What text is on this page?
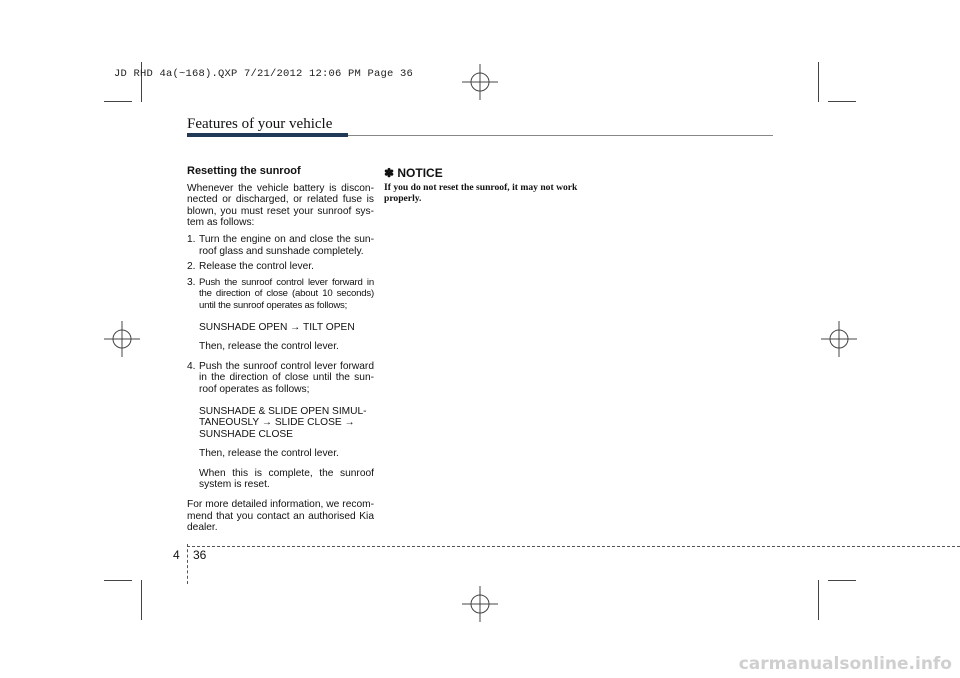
JD RHD 4a(~168).QXP 7/21/2012 12:06 PM Page 36
Features of your vehicle
Resetting the sunroof
Whenever the vehicle battery is discon-nected or discharged, or related fuse is blown, you must reset your sunroof sys-tem as follows:
1. Turn the engine on and close the sun-roof glass and sunshade completely.
2. Release the control lever.
3. Push the sunroof control lever forward in the direction of close (about 10 seconds) until the sunroof operates as follows;
SUNSHADE OPEN → TILT OPEN
Then, release the control lever.
4. Push the sunroof control lever forward in the direction of close until the sun-roof operates as follows;
SUNSHADE & SLIDE OPEN SIMUL-TANEOUSLY → SLIDE CLOSE → SUNSHADE CLOSE
Then, release the control lever.
When this is complete, the sunroof system is reset.
For more detailed information, we recom-mend that you contact an authorised Kia dealer.
✽ NOTICE
If you do not reset the sunroof, it may not work properly.
4 36
carmanualsonline.info
